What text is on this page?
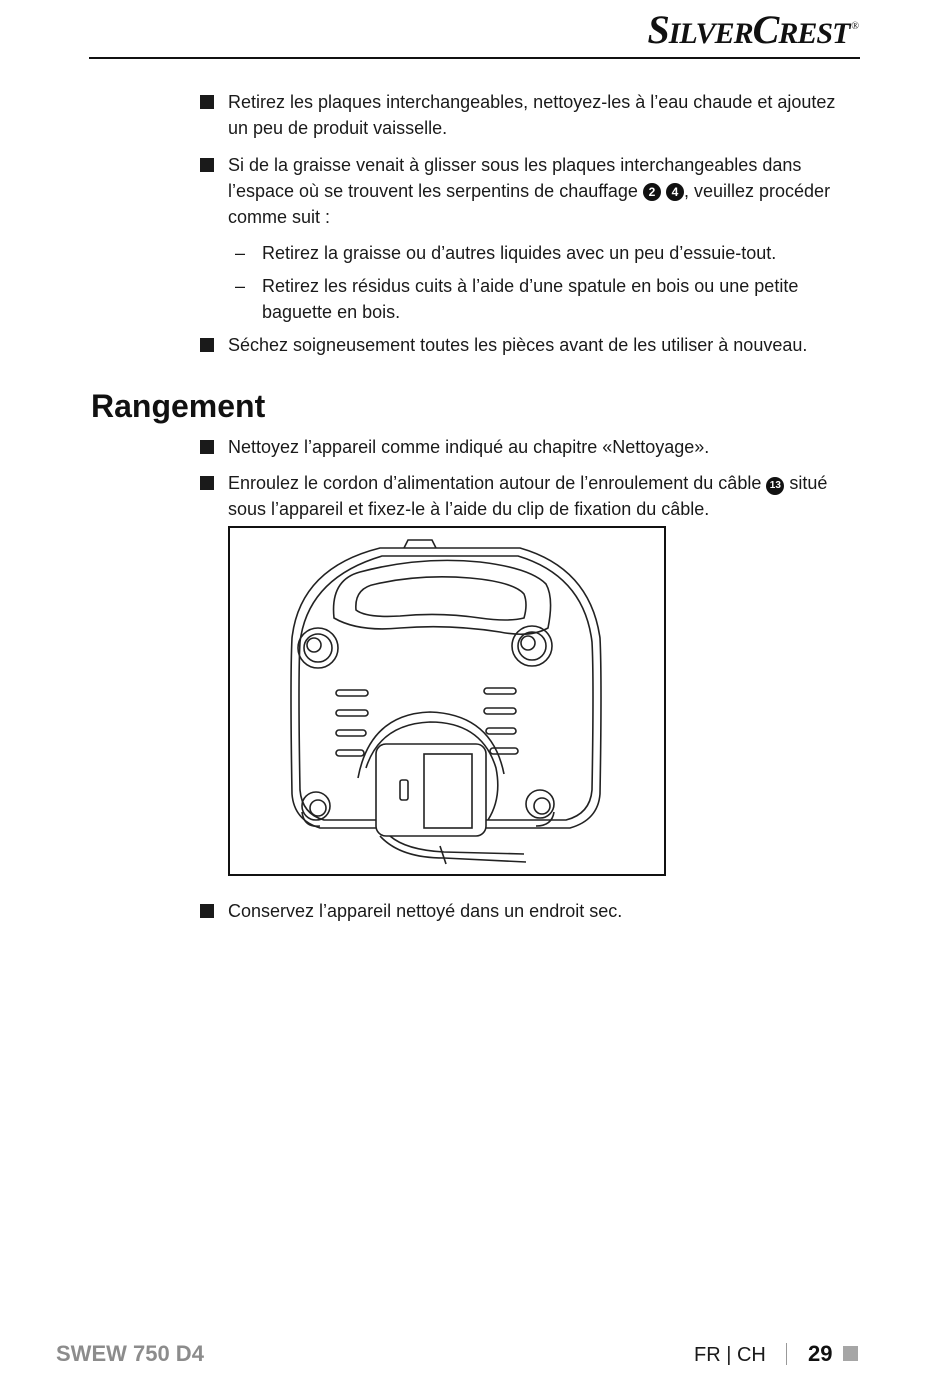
SILVERCREST ®
Retirez les plaques interchangeables, nettoyez-les à l’eau chaude et ajoutez un peu de produit vaisselle.
Si de la graisse venait à glisser sous les plaques interchangeables dans l’espace où se trouvent les serpentins de chauffage 2 4 , veuillez procéder comme suit :
– Retirez la graisse ou d’autres liquides avec un peu d’essuie-tout.
– Retirez les résidus cuits à l’aide d’une spatule en bois ou une petite baguette en bois.
Séchez soigneusement toutes les pièces avant de les utiliser à nouveau.
Rangement
Nettoyez l’appareil comme indiqué au chapitre «Nettoyage».
Enroulez le cordon d’alimentation autour de l’enroulement du câble 13 situé sous l’appareil et fixez-le à l’aide du clip de fixation du câble.
Conservez l’appareil nettoyé dans un endroit sec.
SWEW 750 D4	FR | CH 29
